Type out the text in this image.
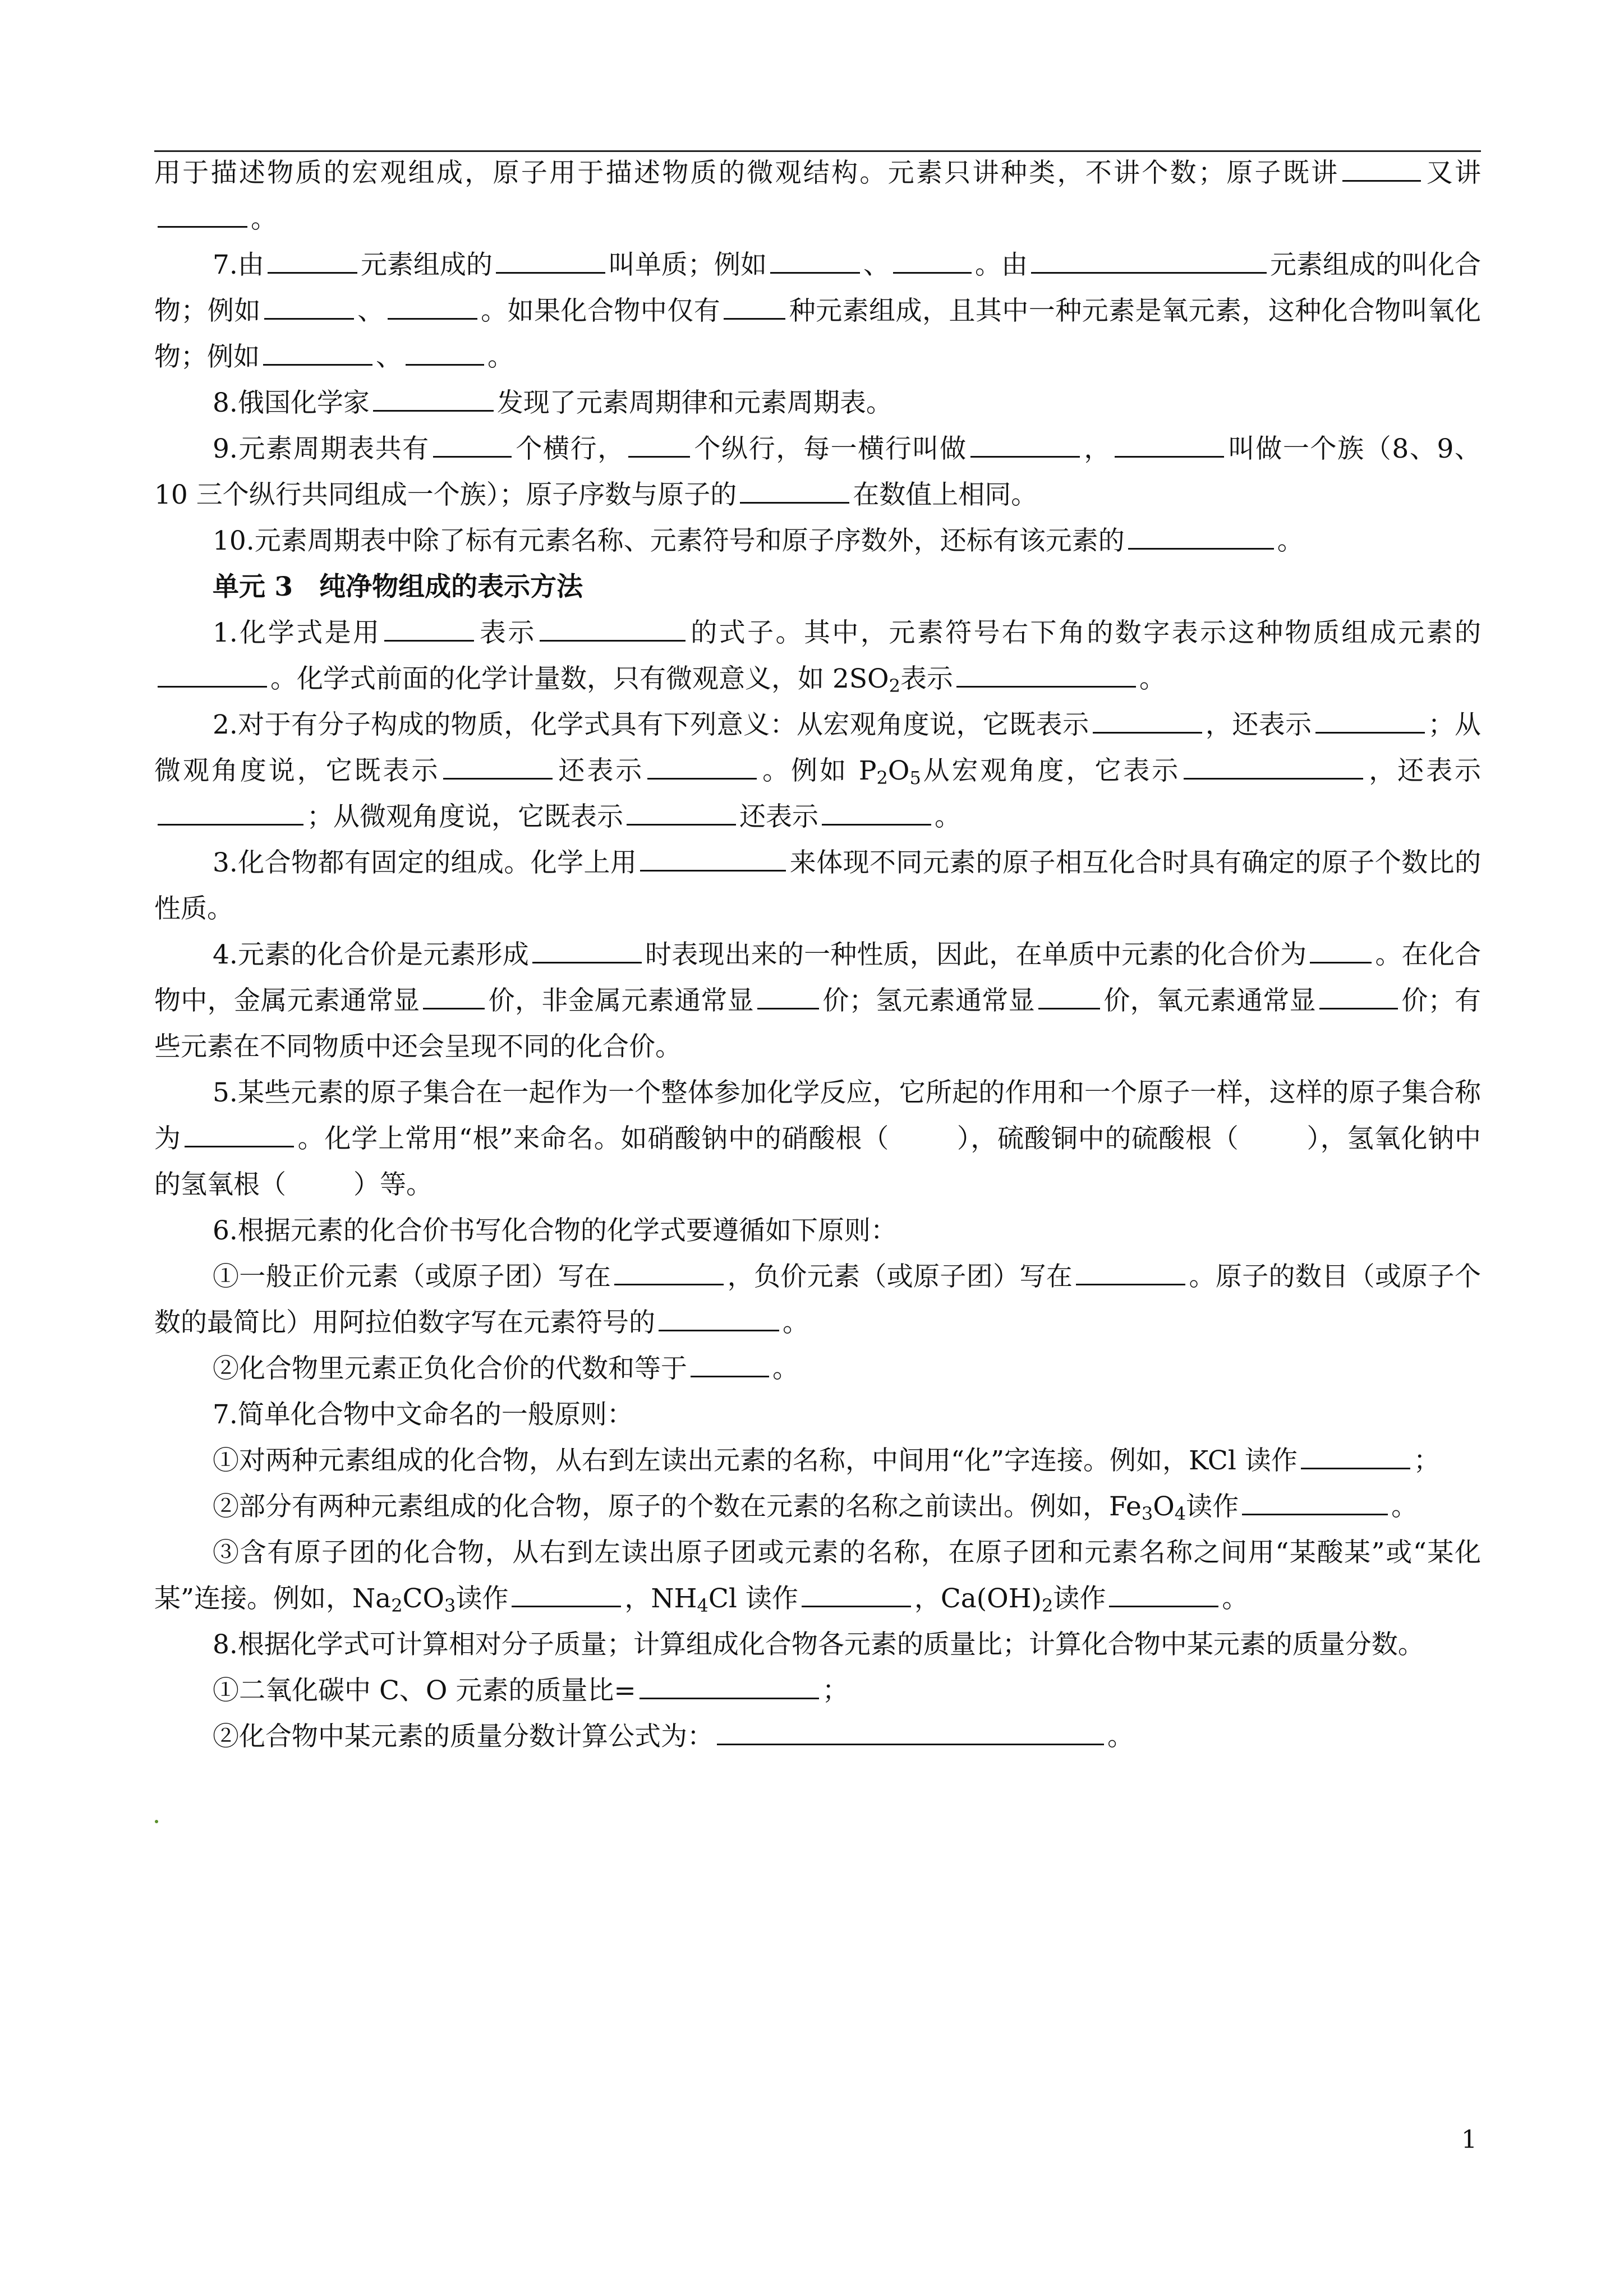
用于描述物质的宏观组成，原子用于描述物质的微观结构。元素只讲种类，不讲个数；原子既讲	又讲。

7.由	元素组成的	叫单质；例如	、	。由	元素组成的叫化合物；例如	、	。如果化合物中仅有	种元素组成，且其中一种元素是氧元素，这种化合物叫氧化物；例如	、	。

8.俄国化学家	发现了元素周期律和元素周期表。

9.元素周期表共有	个横行，	个纵行，每一横行叫做	，	叫做一个族（8、9、10 三个纵行共同组成一个族）；原子序数与原子的	在数值上相同。

10.元素周期表中除了标有元素名称、元素符号和原子序数外，还标有该元素的	。

单元 3　纯净物组成的表示方法

1.化学式是用	表示	的式子。其中，元素符号右下角的数字表示这种物质组成元素的。化学式前面的化学计量数，只有微观意义，如 $2SO_2$表示	。

2.对于有分子构成的物质，化学式具有下列意义：从宏观角度说，它既表示	，还表示	；从微观角度说，它既表示	还表示	。例如 $P_2O_5$从宏观角度，它表示	，还表示；从微观角度说，它既表示	还表示	。

3.化合物都有固定的组成。化学上用	来体现不同元素的原子相互化合时具有确定的原子个数比的性质。

4.元素的化合价是元素形成	时表现出来的一种性质，因此，在单质中元素的化合价为	。在化合物中，金属元素通常显	价，非金属元素通常显	价；氢元素通常显	价，氧元素通常显	价；有些元素在不同物质中还会呈现不同的化合价。

5.某些元素的原子集合在一起作为一个整体参加化学反应，它所起的作用和一个原子一样，这样的原子集合称为	。化学上常用“根”来命名。如硝酸钠中的硝酸根（	），硫酸铜中的硫酸根（	），氢氧化钠中的氢氧根（	）等。

6.根据元素的化合价书写化合物的化学式要遵循如下原则：

①一般正价元素（或原子团）写在	，负价元素（或原子团）写在	。原子的数目（或原子个数的最简比）用阿拉伯数字写在元素符号的	。

②化合物里元素正负化合价的代数和等于	。

7.简单化合物中文命名的一般原则：

①对两种元素组成的化合物，从右到左读出元素的名称，中间用“化”字连接。例如，KCl 读作	；

②部分有两种元素组成的化合物，原子的个数在元素的名称之前读出。例如，$Fe_3O_4$读作	。

③含有原子团的化合物，从右到左读出原子团或元素的名称，在原子团和元素名称之间用“某酸某”或“某化某”连接。例如，$Na_2CO_3$读作	，$NH_4Cl$ 读作	，$Ca(OH)_2$读作	。

8.根据化学式可计算相对分子质量；计算组成化合物各元素的质量比；计算化合物中某元素的质量分数。

①二氧化碳中 C、O 元素的质量比=	；

②化合物中某元素的质量分数计算公式为：	。

1
